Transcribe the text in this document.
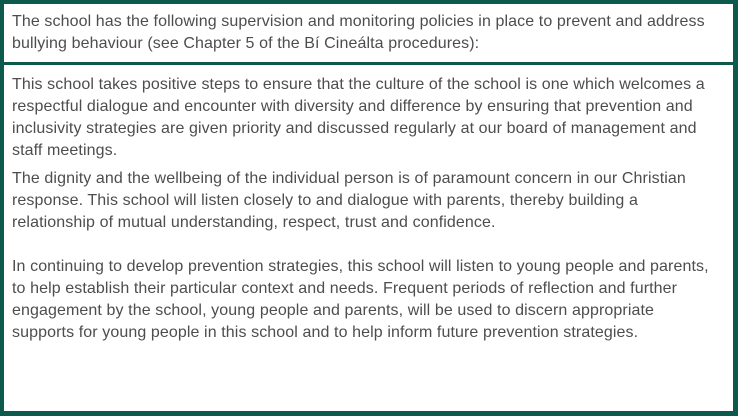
The school has the following supervision and monitoring policies in place to prevent and address bullying behaviour (see Chapter 5 of the Bí Cineálta procedures):

This school takes positive steps to ensure that the culture of the school is one which welcomes a respectful dialogue and encounter with diversity and difference by ensuring that prevention and inclusivity strategies are given priority and discussed regularly at our board of management and staff meetings.

The dignity and the wellbeing of the individual person is of paramount concern in our Christian response. This school will listen closely to and dialogue with parents, thereby building a relationship of mutual understanding, respect, trust and confidence.

In continuing to develop prevention strategies, this school will listen to young people and parents, to help establish their particular context and needs. Frequent periods of reflection and further engagement by the school, young people and parents, will be used to discern appropriate supports for young people in this school and to help inform future prevention strategies.
